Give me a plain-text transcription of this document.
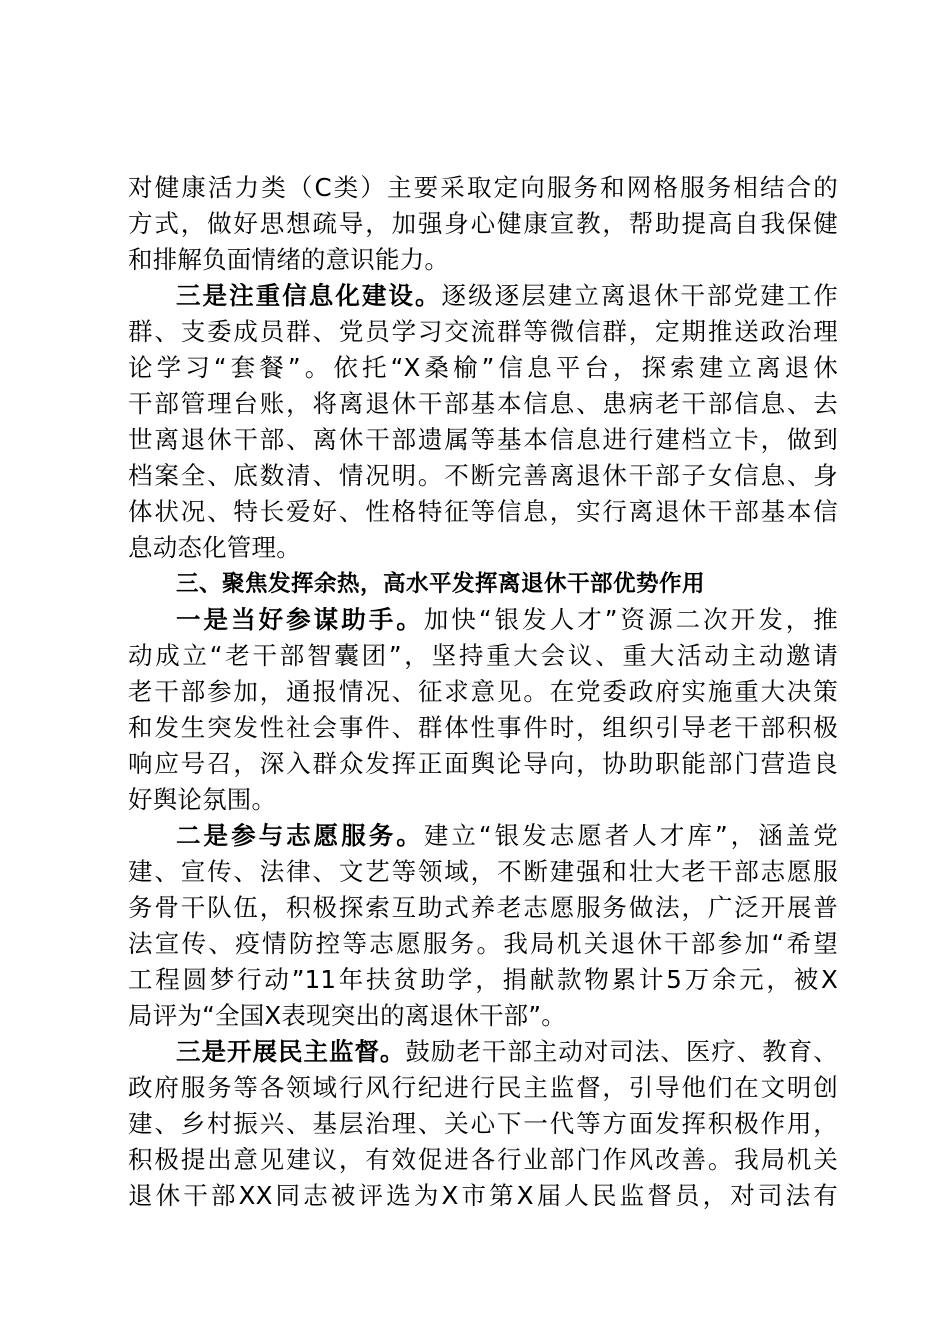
对健康活力类（C类）主要采取定向服务和网格服务相结合的
方式，做好思想疏导，加强身心健康宣教，帮助提高自我保健
和排解负面情绪的意识能力。
三是注重信息化建设。逐级逐层建立离退休干部党建工作
群、支委成员群、党员学习交流群等微信群，定期推送政治理
论学习“套餐”。依托“X桑榆”信息平台，探索建立离退休
干部管理台账，将离退休干部基本信息、患病老干部信息、去
世离退休干部、离休干部遗属等基本信息进行建档立卡，做到
档案全、底数清、情况明。不断完善离退休干部子女信息、身
体状况、特长爱好、性格特征等信息，实行离退休干部基本信
息动态化管理。
三、聚焦发挥余热，高水平发挥离退休干部优势作用
一是当好参谋助手。加快“银发人才”资源二次开发，推
动成立“老干部智囊团”，坚持重大会议、重大活动主动邀请
老干部参加，通报情况、征求意见。在党委政府实施重大决策
和发生突发性社会事件、群体性事件时，组织引导老干部积极
响应号召，深入群众发挥正面舆论导向，协助职能部门营造良
好舆论氛围。
二是参与志愿服务。建立“银发志愿者人才库”，涵盖党
建、宣传、法律、文艺等领域，不断建强和壮大老干部志愿服
务骨干队伍，积极探索互助式养老志愿服务做法，广泛开展普
法宣传、疫情防控等志愿服务。我局机关退休干部参加“希望
工程圆梦行动”11年扶贫助学，捐献款物累计5万余元，被X
局评为“全国X表现突出的离退休干部”。
三是开展民主监督。鼓励老干部主动对司法、医疗、教育、
政府服务等各领域行风行纪进行民主监督，引导他们在文明创
建、乡村振兴、基层治理、关心下一代等方面发挥积极作用，
积极提出意见建议，有效促进各行业部门作风改善。我局机关
退休干部XX同志被评选为X市第X届人民监督员，对司法有
